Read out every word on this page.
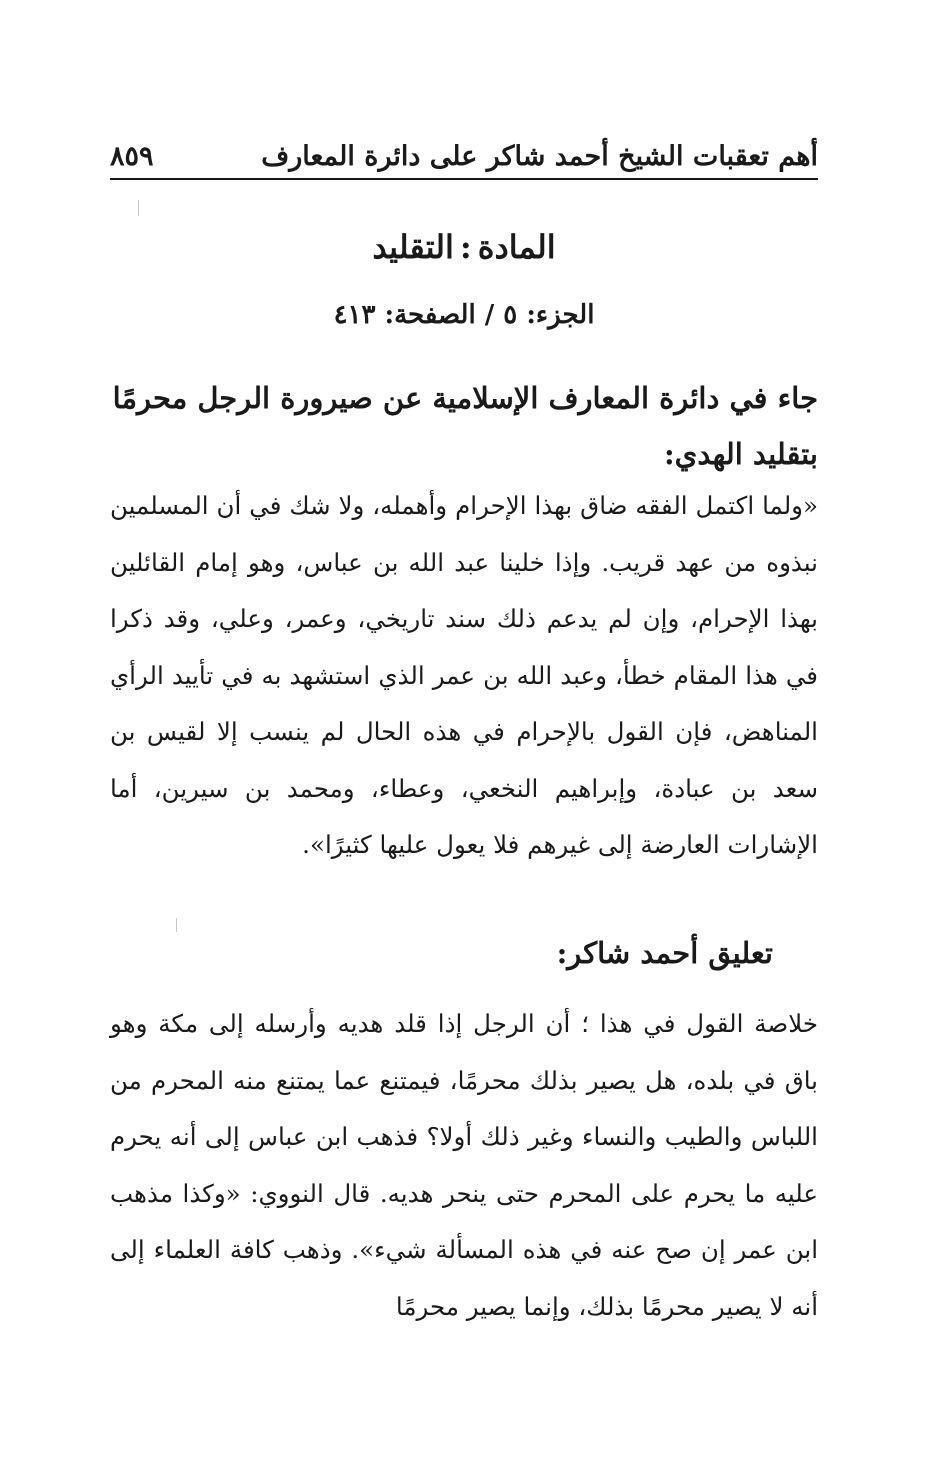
أهم تعقبات الشيخ أحمد شاكر على دائرة المعارف
٨٥٩
المادة:التقليد
الجزء: ٥ / الصفحة: ٤١٣
جاء في دائرة المعارف الإسلامية عن صيرورة الرجل محرمًا بتقليد الهدي:
«ولما اكتمل الفقه ضاق بهذا الإحرام وأهمله، ولا شك في أن المسلمين نبذوه من عهد قريب. وإذا خلينا عبد الله بن عباس، وهو إمام القائلين بهذا الإحرام، وإن لم يدعم ذلك سند تاريخي، وعمر، وعلي، وقد ذكرا في هذا المقام خطأ، وعبد الله بن عمر الذي استشهد به في تأييد الرأي المناهض، فإن القول بالإحرام في هذه الحال لم ينسب إلا لقيس بن سعد بن عبادة، وإبراهيم النخعي، وعطاء، ومحمد بن سيرين، أما الإشارات العارضة إلى غيرهم فلا يعول عليها كثيرًا».
تعليق أحمد شاكر:
خلاصة القول في هذا ؛ أن الرجل إذا قلد هديه وأرسله إلى مكة وهو باق في بلده، هل يصير بذلك محرمًا، فيمتنع عما يمتنع منه المحرم من اللباس والطيب والنساء وغير ذلك أولا؟ فذهب ابن عباس إلى أنه يحرم عليه ما يحرم على المحرم حتى ينحر هديه. قال النووي: «وكذا مذهب ابن عمر إن صح عنه في هذه المسألة شيء». وذهب كافة العلماء إلى أنه لا يصير محرمًا بذلك، وإنما يصير محرمًا
